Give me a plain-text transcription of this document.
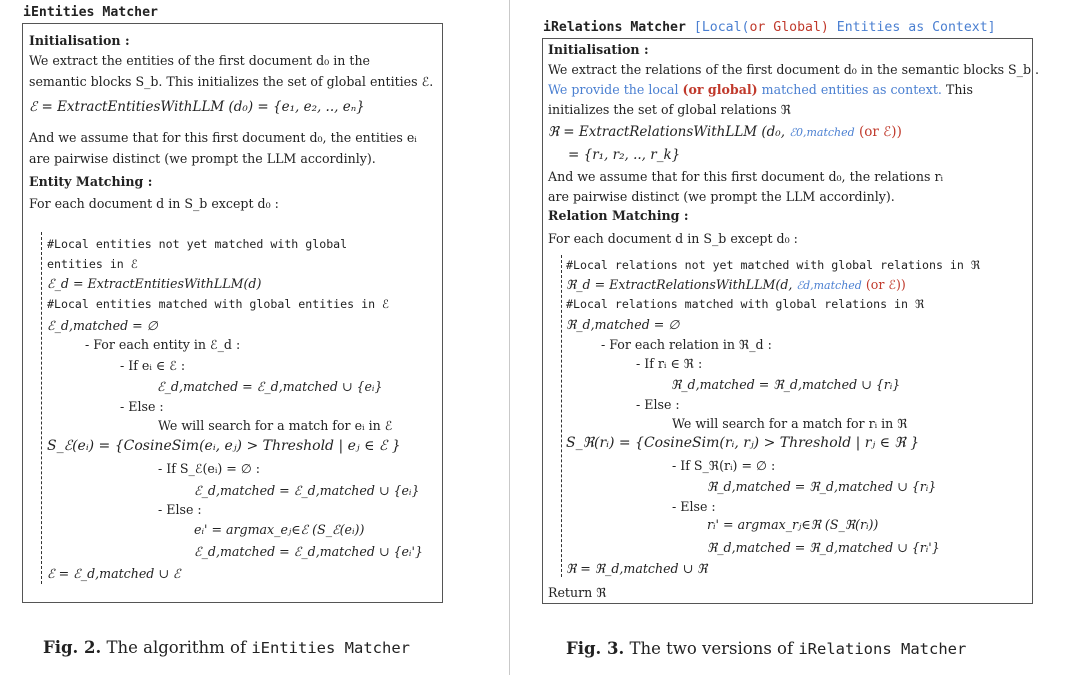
iEntities Matcher
Initialisation :
We extract the entities of the first document d₀ in the
semantic blocks S_b. This initializes the set of global entities ℰ.
ℰ = ExtractEntitiesWithLLM (d₀) = {e₁, e₂, .., eₙ}
And we assume that for this first document d₀, the entities eᵢ
are pairwise distinct (we prompt the LLM accordinly).
Entity Matching :
For each document d in S_b except d₀ :
#Local entities not yet matched with global
entities in ℰ
ℰ_d = ExtractEntitiesWithLLM(d)
#Local entities matched with global entities in ℰ
ℰ_d,matched = ∅
- For each entity in ℰ_d :
- If eᵢ ∈ ℰ :
ℰ_d,matched = ℰ_d,matched ∪ {eᵢ}
- Else :
We will search for a match for eᵢ in ℰ
S_ℰ(eᵢ) = {CosineSim(eᵢ, eⱼ) > Threshold | eⱼ ∈ ℰ }
- If S_ℰ(eᵢ) = ∅ :
ℰ_d,matched = ℰ_d,matched ∪ {eᵢ}
- Else :
eᵢ' = argmax_eⱼ∈ℰ (S_ℰ(eᵢ))
ℰ_d,matched = ℰ_d,matched ∪ {eᵢ'}
ℰ = ℰ_d,matched ∪ ℰ
Fig. 2. The algorithm of iEntities Matcher
iRelations Matcher [Local(or Global) Entities as Context]
Initialisation :
We extract the relations of the first document d₀ in the semantic blocks S_b .
We provide the local (or global) matched entities as context. This
initializes the set of global relations ℜ
ℜ = ExtractRelationsWithLLM (d₀, ℰ0,matched (or ℰ))
= {r₁, r₂, .., r_k}
And we assume that for this first document d₀, the relations rᵢ
are pairwise distinct (we prompt the LLM accordinly).
Relation Matching :
For each document d in S_b except d₀ :
#Local relations not yet matched with global relations in ℜ
ℜ_d = ExtractRelationsWithLLM(d, ℰd,matched (or ℰ))
#Local relations matched with global relations in ℜ
ℜ_d,matched = ∅
- For each relation in ℜ_d :
- If rᵢ ∈ ℜ :
ℜ_d,matched = ℜ_d,matched ∪ {rᵢ}
- Else :
We will search for a match for rᵢ in ℜ
S_ℜ(rᵢ) = {CosineSim(rᵢ, rⱼ) > Threshold | rⱼ ∈ ℜ }
- If S_ℜ(rᵢ) = ∅ :
ℜ_d,matched = ℜ_d,matched ∪ {rᵢ}
- Else :
rᵢ' = argmax_rⱼ∈ℜ (S_ℜ(rᵢ))
ℜ_d,matched = ℜ_d,matched ∪ {rᵢ'}
ℜ = ℜ_d,matched ∪ ℜ
Return ℜ
Fig. 3. The two versions of iRelations Matcher
